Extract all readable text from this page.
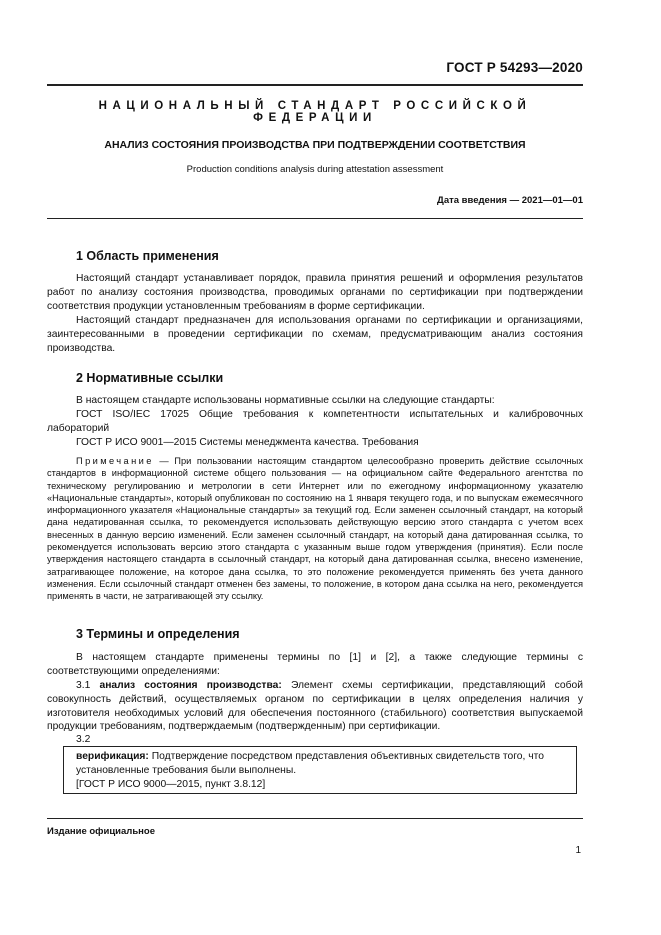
ГОСТ Р 54293—2020
НАЦИОНАЛЬНЫЙ СТАНДАРТ РОССИЙСКОЙ ФЕДЕРАЦИИ
АНАЛИЗ СОСТОЯНИЯ ПРОИЗВОДСТВА ПРИ ПОДТВЕРЖДЕНИИ СООТВЕТСТВИЯ
Production conditions analysis during attestation assessment
Дата введения — 2021—01—01
1 Область применения
Настоящий стандарт устанавливает порядок, правила принятия решений и оформления результатов работ по анализу состояния производства, проводимых органами по сертификации при подтверждении соответствия продукции установленным требованиям в форме сертификации.
Настоящий стандарт предназначен для использования органами по сертификации и организациями, заинтересованными в проведении сертификации по схемам, предусматривающим анализ состояния производства.
2 Нормативные ссылки
В настоящем стандарте использованы нормативные ссылки на следующие стандарты:
ГОСТ ISO/IEC 17025 Общие требования к компетентности испытательных и калибровочных лабораторий
ГОСТ Р ИСО 9001—2015 Системы менеджмента качества. Требования
Примечание — При пользовании настоящим стандартом целесообразно проверить действие ссылочных стандартов в информационной системе общего пользования — на официальном сайте Федерального агентства по техническому регулированию и метрологии в сети Интернет или по ежегодному информационному указателю «Национальные стандарты», который опубликован по состоянию на 1 января текущего года, и по выпускам ежемесячного информационного указателя «Национальные стандарты» за текущий год. Если заменен ссылочный стандарт, на который дана недатированная ссылка, то рекомендуется использовать действующую версию этого стандарта с учетом всех внесенных в данную версию изменений. Если заменен ссылочный стандарт, на который дана датированная ссылка, то рекомендуется использовать версию этого стандарта с указанным выше годом утверждения (принятия). Если после утверждения настоящего стандарта в ссылочный стандарт, на который дана датированная ссылка, внесено изменение, затрагивающее положение, на которое дана ссылка, то это положение рекомендуется применять без учета данного изменения. Если ссылочный стандарт отменен без замены, то положение, в котором дана ссылка на него, рекомендуется применять в части, не затрагивающей эту ссылку.
3 Термины и определения
В настоящем стандарте применены термины по [1] и [2], а также следующие термины с соответствующими определениями:
3.1 анализ состояния производства: Элемент схемы сертификации, представляющий собой совокупность действий, осуществляемых органом по сертификации в целях определения наличия у изготовителя необходимых условий для обеспечения постоянного (стабильного) соответствия выпускаемой продукции требованиям, подтверждаемым (подтвержденным) при сертификации.
3.2
верификация: Подтверждение посредством представления объективных свидетельств того, что установленные требования были выполнены.
[ГОСТ Р ИСО 9000—2015, пункт 3.8.12]
Издание официальное
1
